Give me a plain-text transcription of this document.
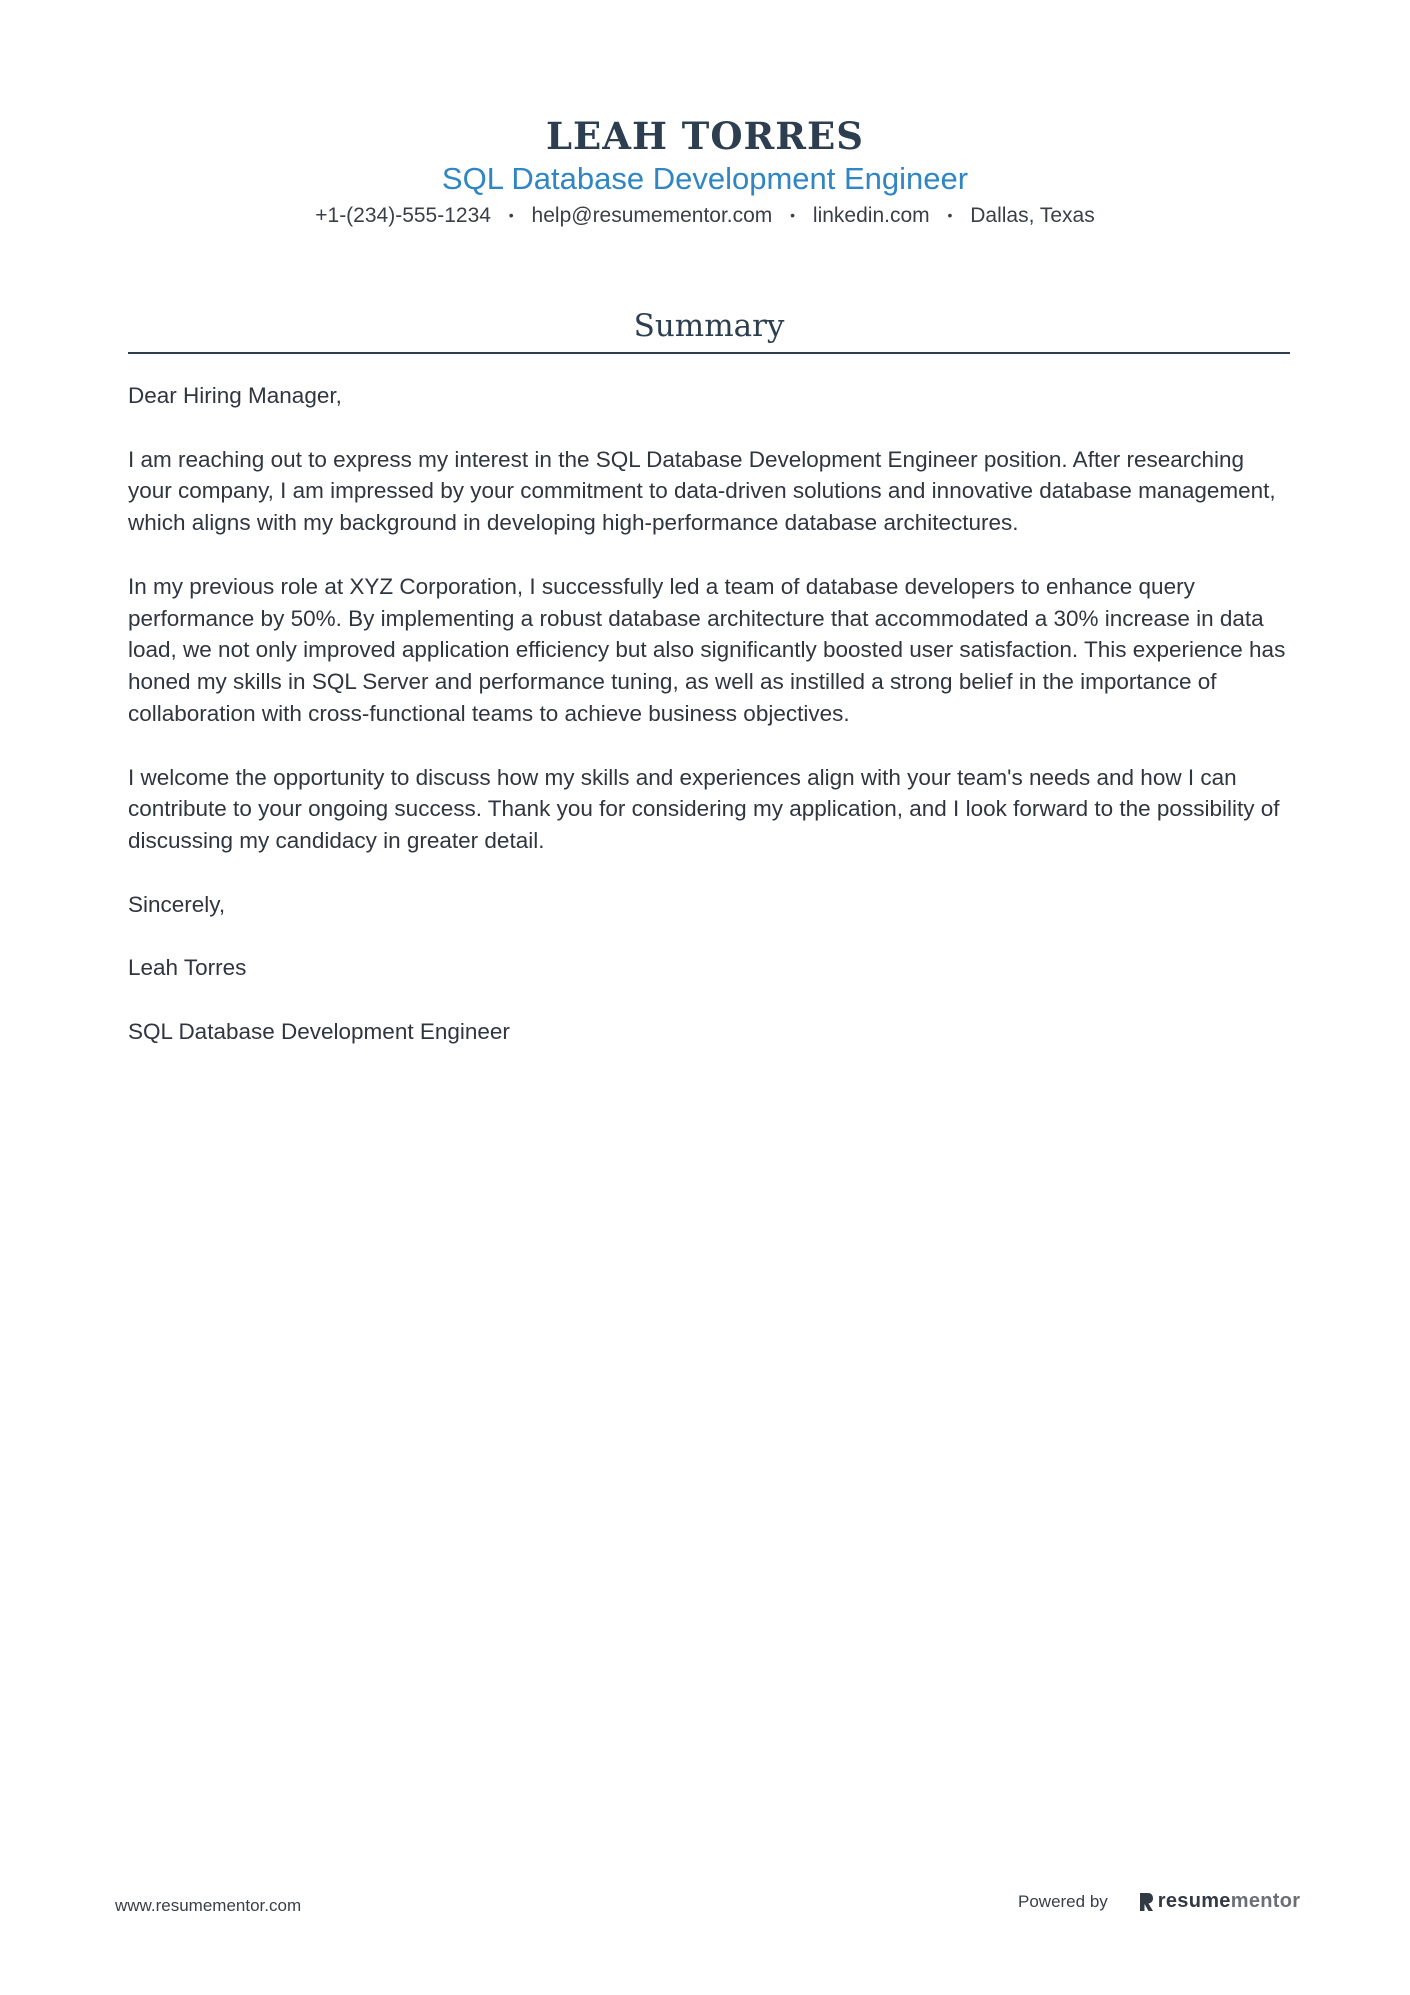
LEAH TORRES
SQL Database Development Engineer
+1-(234)-555-1234 • help@resumementor.com • linkedin.com • Dallas, Texas
Summary

Dear Hiring Manager,

I am reaching out to express my interest in the SQL Database Development Engineer position. After researching your company, I am impressed by your commitment to data-driven solutions and innovative database management, which aligns with my background in developing high-performance database architectures.

In my previous role at XYZ Corporation, I successfully led a team of database developers to enhance query performance by 50%. By implementing a robust database architecture that accommodated a 30% increase in data load, we not only improved application efficiency but also significantly boosted user satisfaction. This experience has honed my skills in SQL Server and performance tuning, as well as instilled a strong belief in the importance of collaboration with cross-functional teams to achieve business objectives.

I welcome the opportunity to discuss how my skills and experiences align with your team's needs and how I can contribute to your ongoing success. Thank you for considering my application, and I look forward to the possibility of discussing my candidacy in greater detail.

Sincerely,

Leah Torres

SQL Database Development Engineer

www.resumementor.com	Powered by	resumementor
